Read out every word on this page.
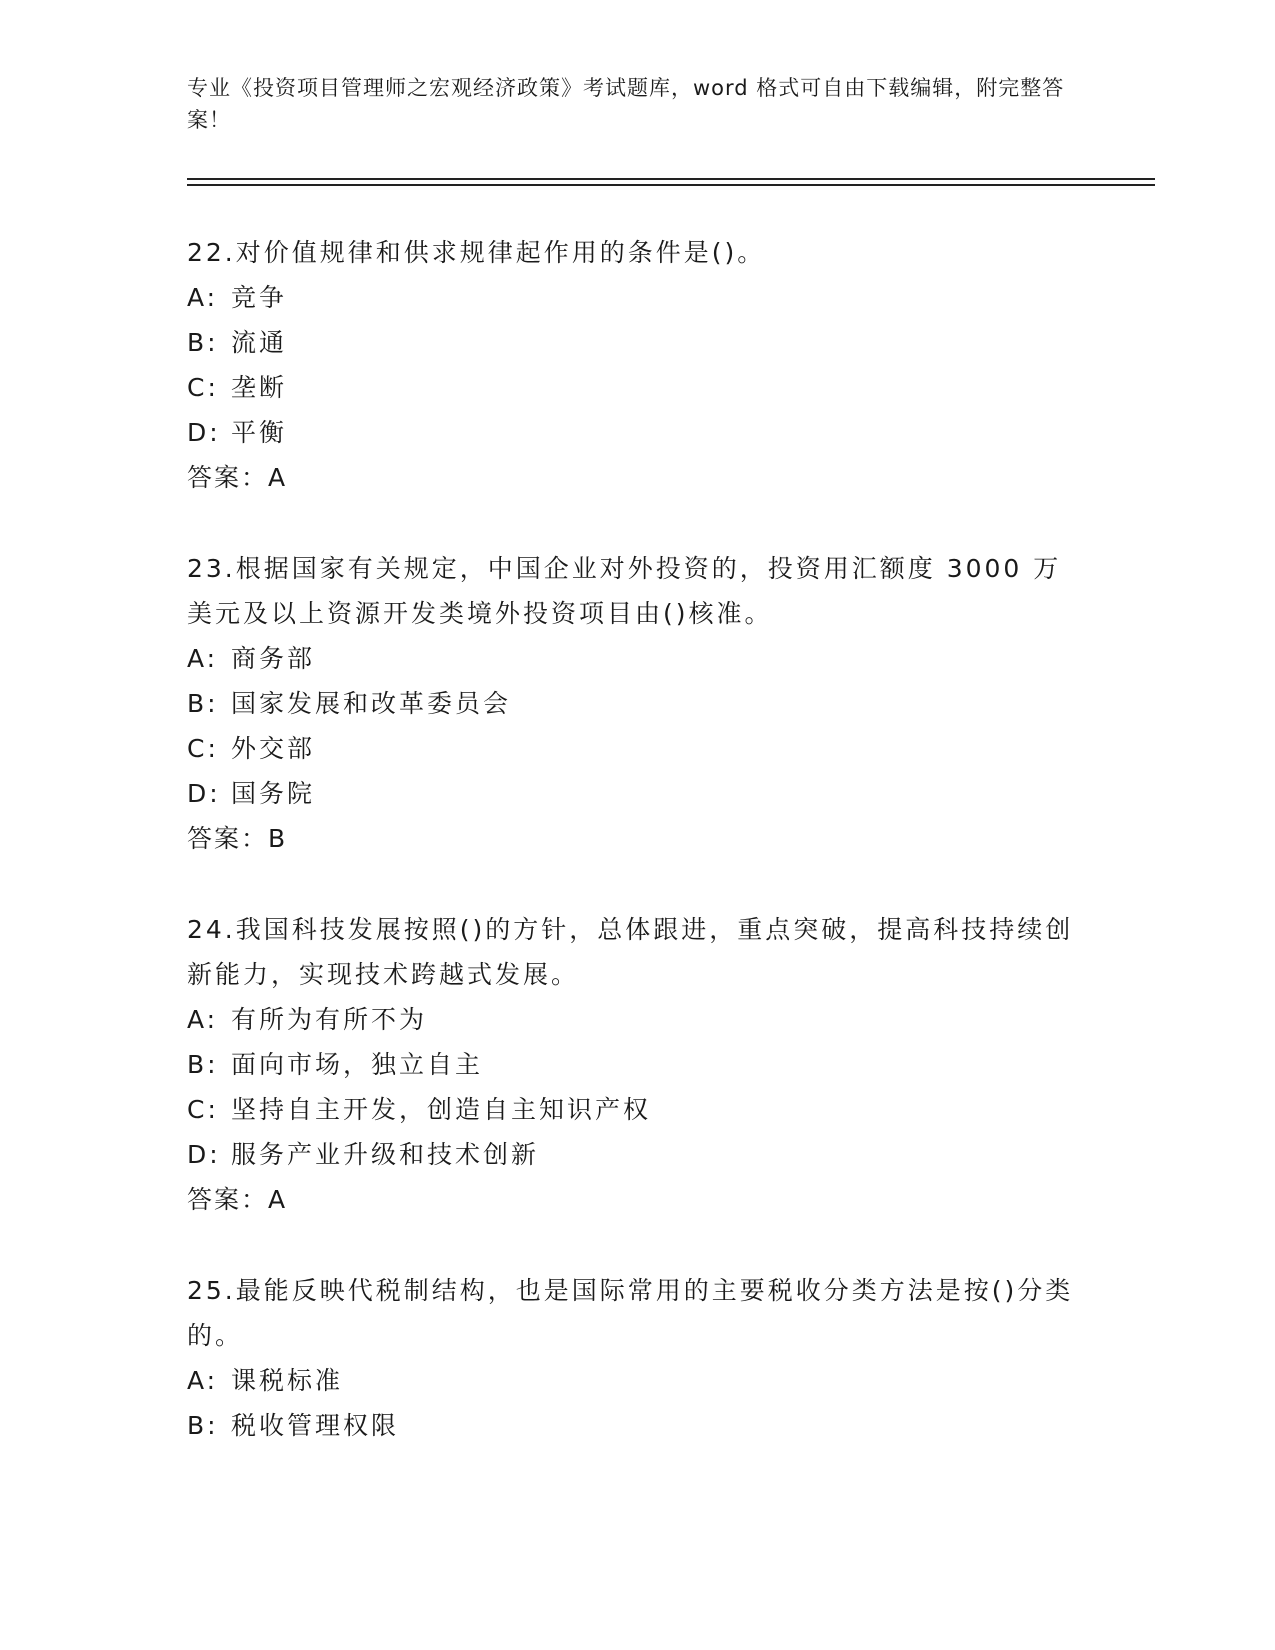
专业《投资项目管理师之宏观经济政策》考试题库，word 格式可自由下载编辑，附完整答案！
22.对价值规律和供求规律起作用的条件是()。
A: 竞争
B: 流通
C: 垄断
D: 平衡
答案：A
23.根据国家有关规定，中国企业对外投资的，投资用汇额度 3000 万美元及以上资源开发类境外投资项目由()核准。
A: 商务部
B: 国家发展和改革委员会
C: 外交部
D: 国务院
答案：B
24.我国科技发展按照()的方针，总体跟进，重点突破，提高科技持续创新能力，实现技术跨越式发展。
A: 有所为有所不为
B: 面向市场，独立自主
C: 坚持自主开发，创造自主知识产权
D: 服务产业升级和技术创新
答案：A
25.最能反映代税制结构，也是国际常用的主要税收分类方法是按()分类的。
A: 课税标准
B: 税收管理权限
